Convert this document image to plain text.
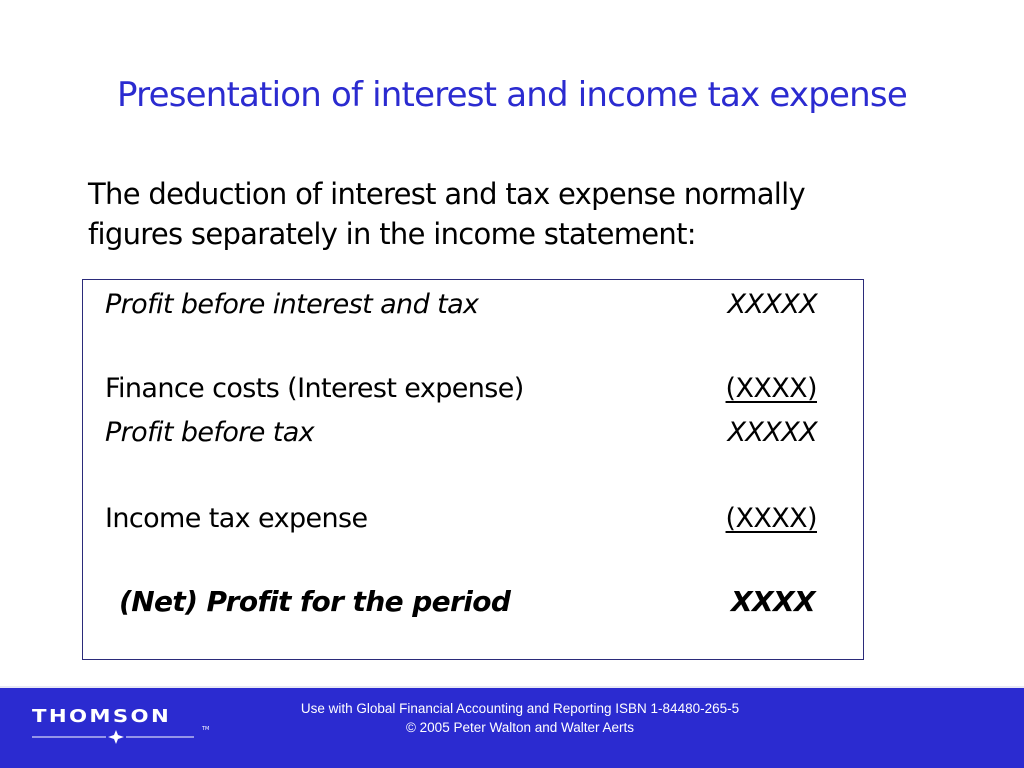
Presentation of interest and income tax expense
The deduction of interest and tax expense normally
figures separately in the income statement:
Profit before interest and tax	XXXXX
Finance costs (Interest expense)	(XXXX)
Profit before tax	XXXXX
Income tax expense	(XXXX)
(Net) Profit for the period	XXXX
THOMSON
TM
Use with Global Financial Accounting and Reporting ISBN 1-84480-265-5
© 2005 Peter Walton and Walter Aerts
